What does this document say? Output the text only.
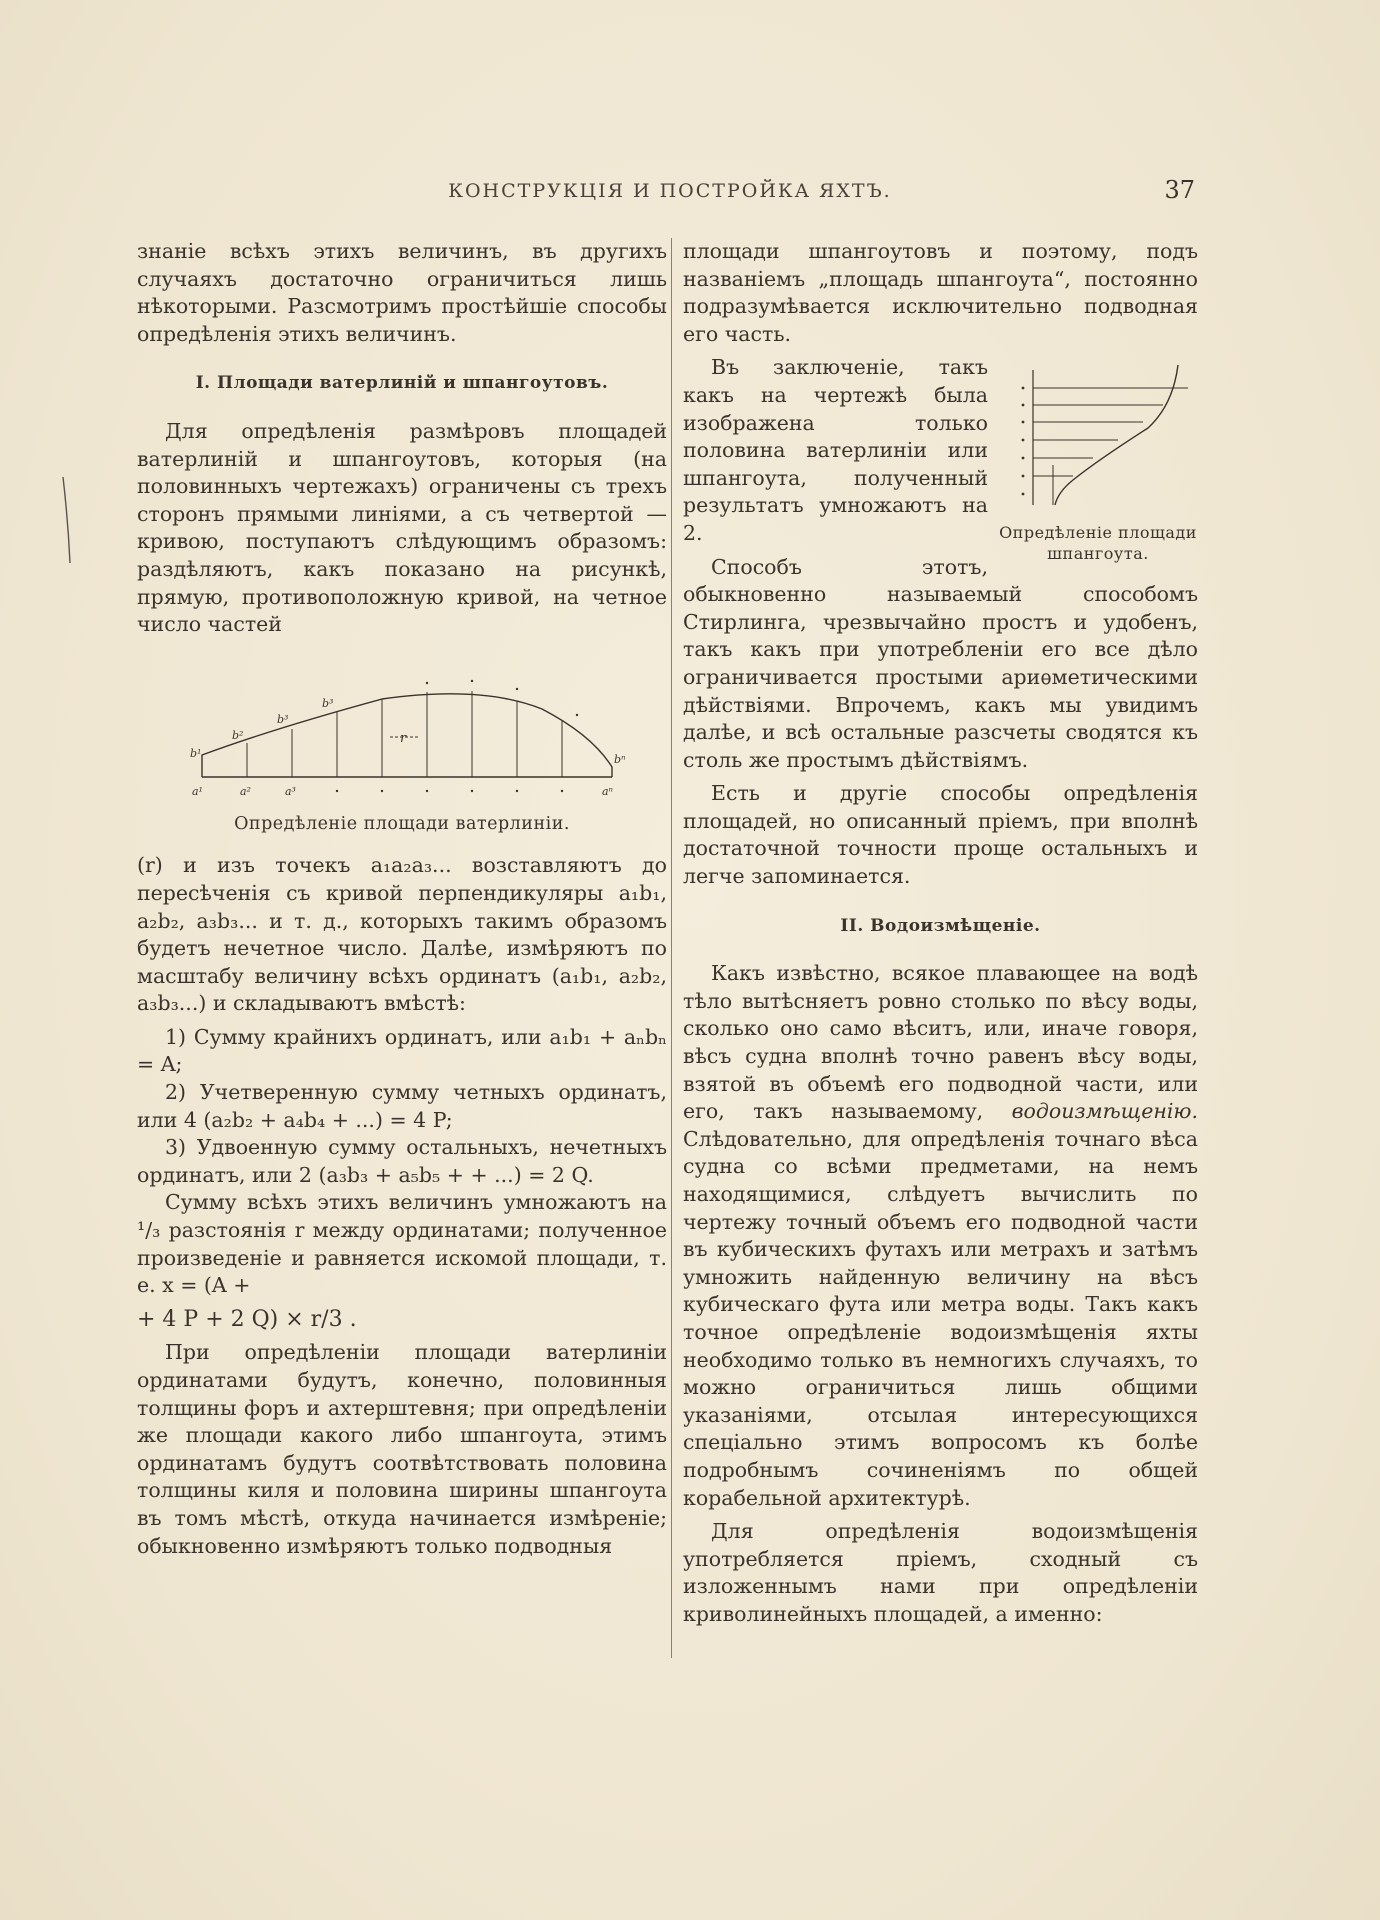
КОНСТРУКЦІЯ И ПОСТРОЙКА ЯХТЪ.	37

знаніе всѣхъ этихъ величинъ, въ другихъ случаяхъ достаточно ограничиться лишь нѣкоторыми. Разсмотримъ простѣйшіе способы опредѣленія этихъ величинъ.

I. Площади ватерлиній и шпангоутовъ.

Для опредѣленія размѣровъ площадей ватерлиній и шпангоутовъ, которыя (на половинныхъ чертежахъ) ограничены съ трехъ сторонъ прямыми линіями, а съ четвертой — кривою, поступаютъ слѣдующимъ образомъ: раздѣляютъ, какъ показано на рисункѣ, прямую, противоположную кривой, на четное число частей

r
b¹
b²
b³
b³
bⁿ
a¹	a²	a³	aⁿ
Опредѣленіе площади ватерлиніи.

(r) и изъ точекъ a₁a₂a₃... возставляютъ до пересѣченія съ кривой перпендикуляры a₁b₁, a₂b₂, a₃b₃... и т. д., которыхъ такимъ образомъ будетъ нечетное число. Далѣе, измѣряютъ по масштабу величину всѣхъ ординатъ (a₁b₁, a₂b₂, a₃b₃...) и складываютъ вмѣстѣ:

1) Сумму крайнихъ ординатъ, или a₁b₁ + aₙbₙ = A;

2) Учетверенную сумму четныхъ ординатъ, или 4 (a₂b₂ + a₄b₄ + ...) = 4 P;

3) Удвоенную сумму остальныхъ, нечетныхъ ординатъ, или 2 (a₃b₃ + a₅b₅ + + ...) = 2 Q.

Сумму всѣхъ этихъ величинъ умножаютъ на ¹/₃ разстоянія r между ординатами; полученное произведеніе и равняется искомой площади, т. е. x = (A +

+ 4 P + 2 Q) × r/3 .

При опредѣленіи площади ватерлиніи ординатами будутъ, конечно, половинныя толщины форъ и ахтерштевня; при опредѣленіи же площади какого либо шпангоута, этимъ ординатамъ будутъ соотвѣтствовать половина толщины киля и половина ширины шпангоута въ томъ мѣстѣ, откуда начинается измѣреніе; обыкновенно измѣряютъ только подводныя

площади шпангоутовъ и поэтому, подъ названіемъ „площадь шпангоута“, постоянно подразумѣвается исключительно подводная его часть.

Опредѣленіе площади шпангоута.

Въ заключеніе, такъ какъ на чертежѣ была изображена только половина ватерлиніи или шпангоута, полученный результатъ умножаютъ на 2.

Способъ этотъ, обыкновенно называемый способомъ Стирлинга, чрезвычайно простъ и удобенъ, такъ какъ при употребленіи его все дѣло ограничивается простыми ариѳметическими дѣйствіями. Впрочемъ, какъ мы увидимъ далѣе, и всѣ остальные разсчеты сводятся къ столь же простымъ дѣйствіямъ.

Есть и другіе способы опредѣленія площадей, но описанный пріемъ, при вполнѣ достаточной точности проще остальныхъ и легче запоминается.

II. Водоизмѣщеніе.

Какъ извѣстно, всякое плавающее на водѣ тѣло вытѣсняетъ ровно столько по вѣсу воды, сколько оно само вѣситъ, или, иначе говоря, вѣсъ судна вполнѣ точно равенъ вѣсу воды, взятой въ объемѣ его подводной части, или его, такъ называемому, водоизмѣщенію. Слѣдовательно, для опредѣленія точнаго вѣса судна со всѣми предметами, на немъ находящимися, слѣдуетъ вычислить по чертежу точный объемъ его подводной части въ кубическихъ футахъ или метрахъ и затѣмъ умножить найденную величину на вѣсъ кубическаго фута или метра воды. Такъ какъ точное опредѣленіе водоизмѣщенія яхты необходимо только въ немногихъ случаяхъ, то можно ограничиться лишь общими указаніями, отсылая интересующихся спеціально этимъ вопросомъ къ болѣе подробнымъ сочиненіямъ по общей корабельной архитектурѣ.

Для опредѣленія водоизмѣщенія употребляется пріемъ, сходный съ изложеннымъ нами при опредѣленіи криволинейныхъ площадей, а именно:
